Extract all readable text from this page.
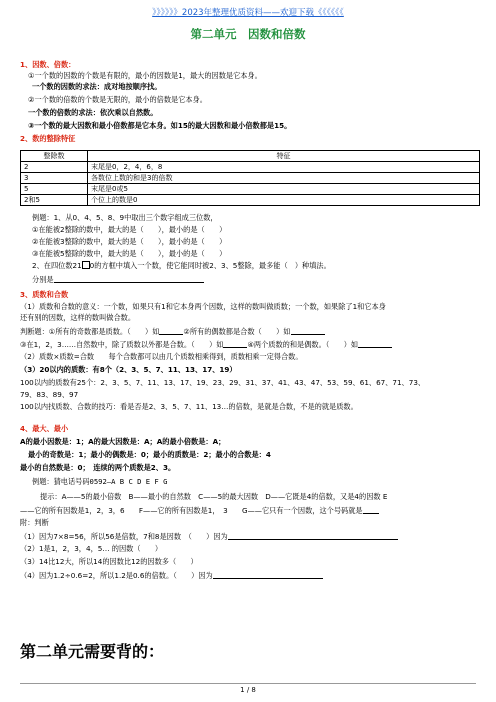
》》》》》》2023年整理优质资料——欢迎下载《《《《《《
第二单元　因数和倍数
1、因数、倍数：
①一个数的因数的个数是有限的，最小的因数是1，最大的因数是它本身。
一个数的因数的求法：成对地按顺序找。
②一个数的倍数的个数是无限的，最小的倍数是它本身。
一个数的倍数的求法：依次乘以自然数。
③一个数的最大因数和最小倍数都是它本身。如15的最大因数和最小倍数都是15。
2、数的整除特征
整除数	特征
2	末尾是0，2，4，6，8
3	各数位上数的和是3的倍数
5	末尾是0或5
2和5	个位上的数是0
例题：1、从0、4、5、8、9中取出三个数字组成三位数，
①在能被2整除的数中，最大的是（　　），最小的是（　　）
②在能被3整除的数中，最大的是（　　），最小的是（　　）
③在能被5整除的数中，最大的是（　　），最小的是（　　）
2、在四位数21 0的方框中填入一个数，使它能同时被2、3、5整除，最多能（　）种填法。
分别是
3、质数和合数
（1）质数和合数的意义：一个数，如果只有1和它本身两个因数，这样的数叫做质数；一个数，如果除了1和它本身
还有别的因数，这样的数叫做合数。
判断题：①所有的奇数都是质数。（　　）如	②所有的偶数都是合数（　　）如
③在1，2，3……自然数中，除了质数以外都是合数。（　　）如	④两个质数的和是偶数。（　　）如
（2）质数×质数=合数　　每个合数都可以由几个质数相乘得到，质数相乘一定得合数。
（3）20以内的质数：有8个（2、3、5、7、11、13、17、19）
100以内的质数有25个：2、3、5、7、11、13、17、19、23、29、31、37、41、43、47、53、59、61、67、71、73、
79、83、89、97
100以内找质数、合数的技巧：看是否是2、3、5、7、11、13…的倍数，是就是合数，不是的就是质数。
4、最大、最小
A的最小因数是：1；A的最大因数是：A；A的最小倍数是：A；
最小的奇数是：1；最小的偶数是：0；最小的质数是：2；最小的合数是：4
最小的自然数是：0；　连续的两个质数是2、3。
例题：猜电话号码0592—A B C D E F G
提示：A——5的最小倍数　B——最小的自然数　C——5的最大因数　D——它既是4的倍数，又是4的因数 E
——它的所有因数是1，2，3，6　　F——它的所有因数是1，　3　　G——它只有一个因数，这个号码就是
附：判断
（1）因为7×8=56，所以56是倍数，7和8是因数　（　　）因为
（2）1是1，2，3，4，5… 的因数（　　）
（3）14比12大，所以14的因数比12的因数多（　　）
（4）因为1.2÷0.6=2，所以1.2是0.6的倍数。（　　）因为
第二单元需要背的：
1 / 8
